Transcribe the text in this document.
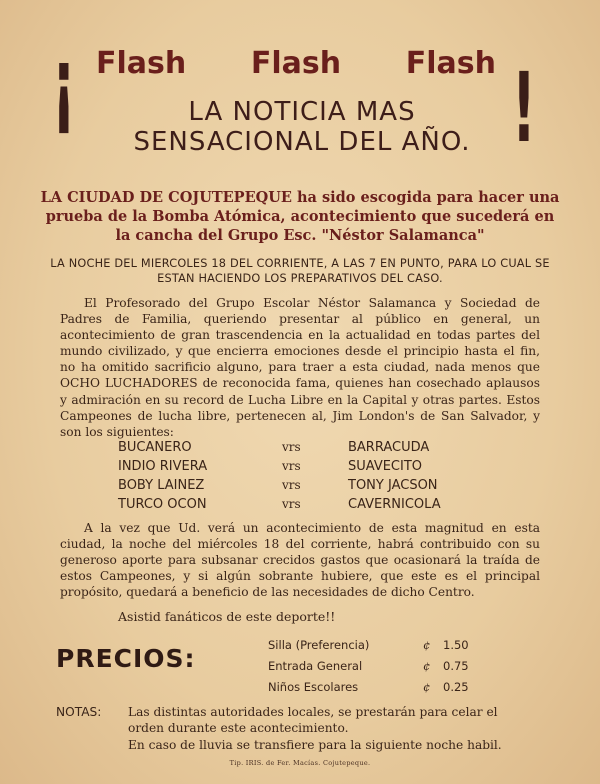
!	!
Flash Flash Flash
LA NOTICIA MAS
SENSACIONAL DEL AÑO.
LA CIUDAD DE COJUTEPEQUE ha sido escogida para hacer una prueba de la Bomba Atómica, acontecimiento que sucederá en la cancha del Grupo Esc. "Néstor Salamanca"
LA NOCHE DEL MIERCOLES 18 DEL CORRIENTE, A LAS 7 EN PUNTO, PARA LO CUAL SE ESTAN HACIENDO LOS PREPARATIVOS DEL CASO.
El Profesorado del Grupo Escolar Néstor Salamanca y Sociedad de Padres de Familia, queriendo presentar al público en general, un acontecimiento de gran trascendencia en la actualidad en todas partes del mundo civilizado, y que encierra emociones desde el principio hasta el fin, no ha omitido sacrificio alguno, para traer a esta ciudad, nada menos que OCHO LUCHADORES de reconocida fama, quienes han cosechado aplausos y admiración en su record de Lucha Libre en la Capital y otras partes. Estos Campeones de lucha libre, pertenecen al, Jim London's de San Salvador, y son los siguientes:
BUCANERO	vrs	BARRACUDA
INDIO RIVERA	vrs	SUAVECITO
BOBY LAINEZ	vrs	TONY JACSON
TURCO OCON	vrs	CAVERNICOLA
A la vez que Ud. verá un acontecimiento de esta magnitud en esta ciudad, la noche del miércoles 18 del corriente, habrá contribuido con su generoso aporte para subsanar crecidos gastos que ocasionará la traída de estos Campeones, y si algún sobrante hubiere, que este es el principal propósito, quedará a beneficio de las necesidades de dicho Centro.
Asistid fanáticos de este deporte!!
PRECIOS:	Silla (Preferencia)	¢	1.50
Entrada General	¢	0.75
Niños Escolares	¢	0.25
NOTAS: Las distintas autoridades locales, se prestarán para celar el orden durante este acontecimiento.

En caso de lluvia se transfiere para la siguiente noche habil.

Tip. IRIS. de Fer. Macías. Cojutepeque.
